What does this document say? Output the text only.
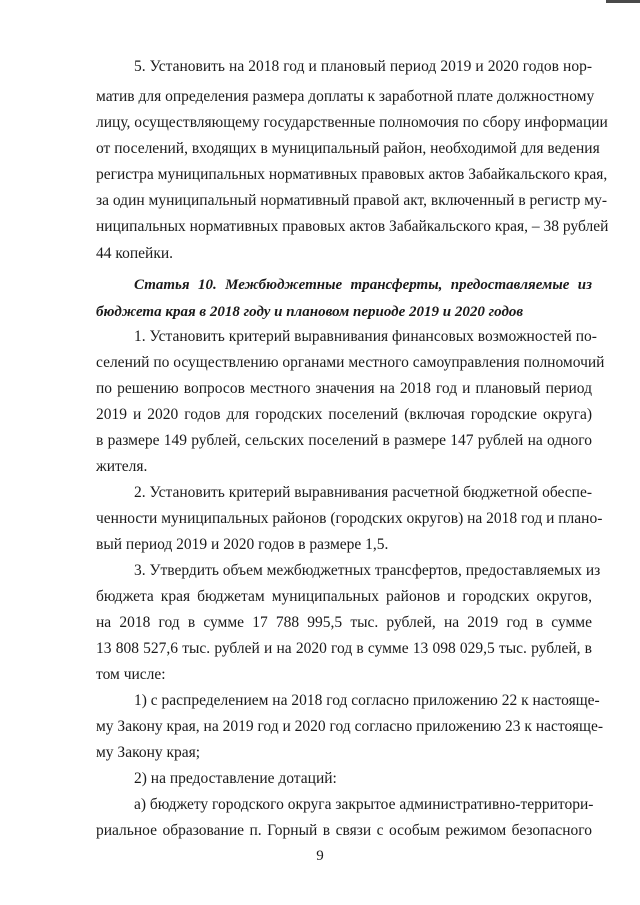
5. Установить на 2018 год и плановый период 2019 и 2020 годов нор-
матив для определения размера доплаты к заработной плате должностному
лицу, осуществляющему государственные полномочия по сбору информации
от поселений, входящих в муниципальный район, необходимой для ведения
регистра муниципальных нормативных правовых актов Забайкальского края,
за один муниципальный нормативный правой акт, включенный в регистр му-
ниципальных нормативных правовых актов Забайкальского края, – 38 рублей
44 копейки.
Статья 10. Межбюджетные трансферты, предоставляемые из
бюджета края в 2018 году и плановом периоде 2019 и 2020 годов
1. Установить критерий выравнивания финансовых возможностей по-
селений по осуществлению органами местного самоуправления полномочий
по решению вопросов местного значения на 2018 год и плановый период
2019 и 2020 годов для городских поселений (включая городские округа)
в размере 149 рублей, сельских поселений в размере 147 рублей на одного
жителя.
2. Установить критерий выравнивания расчетной бюджетной обеспе-
ченности муниципальных районов (городских округов) на 2018 год и плано-
вый период 2019 и 2020 годов в размере 1,5.
3. Утвердить объем межбюджетных трансфертов, предоставляемых из
бюджета края бюджетам муниципальных районов и городских округов,
на 2018 год в сумме 17 788 995,5 тыс. рублей, на 2019 год в сумме
13 808 527,6 тыс. рублей и на 2020 год в сумме 13 098 029,5 тыс. рублей, в
том числе:
1) с распределением на 2018 год согласно приложению 22 к настояще-
му Закону края, на 2019 год и 2020 год согласно приложению 23 к настояще-
му Закону края;
2) на предоставление дотаций:
а) бюджету городского округа закрытое административно-территори-
риальное образование п. Горный в связи с особым режимом безопасного
9
